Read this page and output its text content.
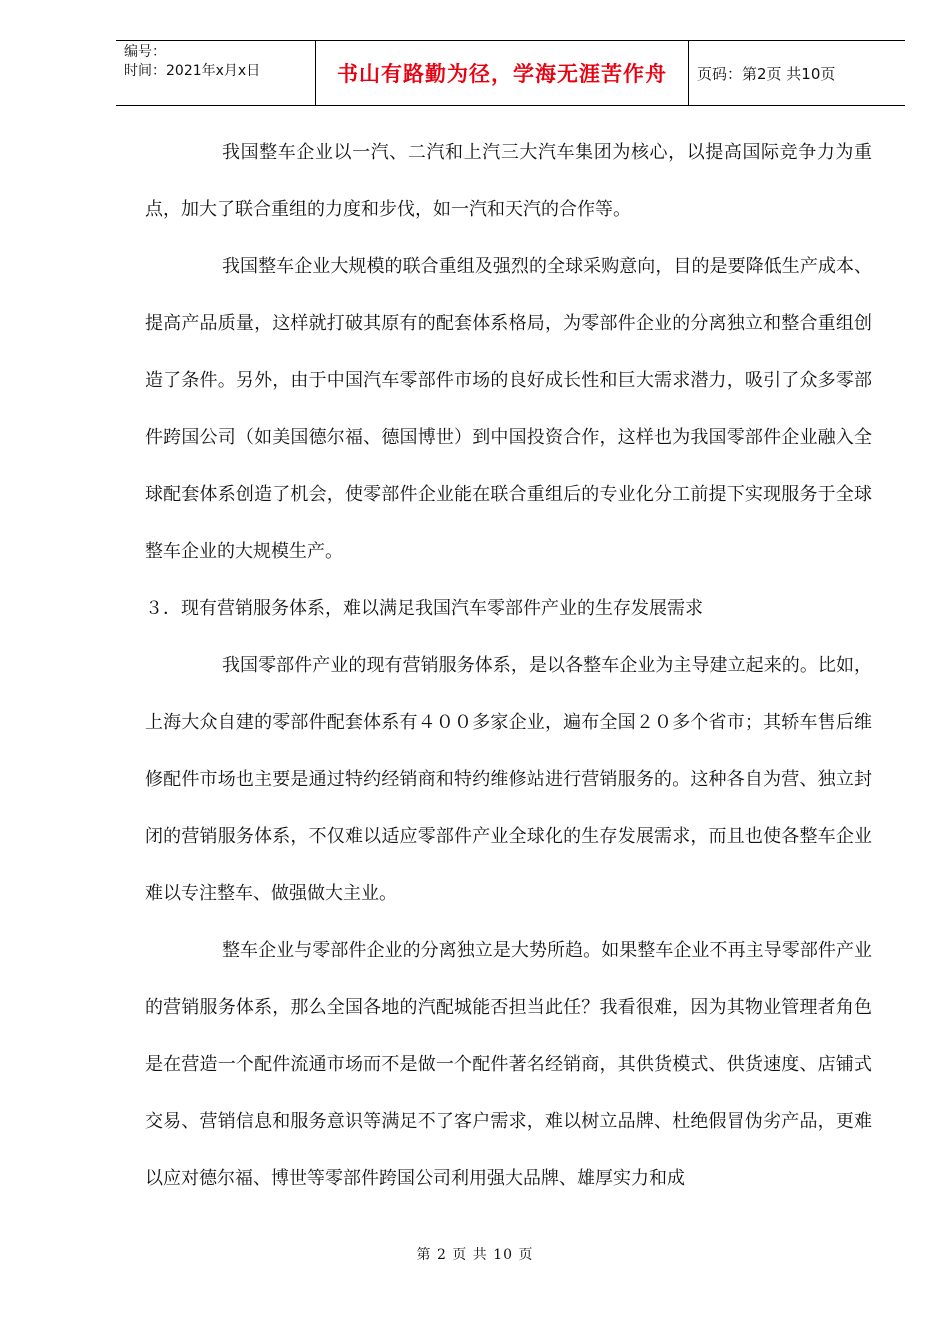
编号：
时间：2021年x月x日	书山有路勤为径，学海无涯苦作舟	页码：第2页 共10页

我国整车企业以一汽、二汽和上汽三大汽车集团为核心，以提高国际竞争力为重点，加大了联合重组的力度和步伐，如一汽和天汽的合作等。

我国整车企业大规模的联合重组及强烈的全球采购意向，目的是要降低生产成本、提高产品质量，这样就打破其原有的配套体系格局，为零部件企业的分离独立和整合重组创造了条件。另外，由于中国汽车零部件市场的良好成长性和巨大需求潜力，吸引了众多零部件跨国公司（如美国德尔福、德国博世）到中国投资合作，这样也为我国零部件企业融入全球配套体系创造了机会，使零部件企业能在联合重组后的专业化分工前提下实现服务于全球整车企业的大规模生产。

３．现有营销服务体系，难以满足我国汽车零部件产业的生存发展需求

我国零部件产业的现有营销服务体系，是以各整车企业为主导建立起来的。比如，上海大众自建的零部件配套体系有４００多家企业，遍布全国２０多个省市；其轿车售后维修配件市场也主要是通过特约经销商和特约维修站进行营销服务的。这种各自为营、独立封闭的营销服务体系，不仅难以适应零部件产业全球化的生存发展需求，而且也使各整车企业难以专注整车、做强做大主业。

整车企业与零部件企业的分离独立是大势所趋。如果整车企业不再主导零部件产业的营销服务体系，那么全国各地的汽配城能否担当此任？我看很难，因为其物业管理者角色是在营造一个配件流通市场而不是做一个配件著名经销商，其供货模式、供货速度、店铺式交易、营销信息和服务意识等满足不了客户需求，难以树立品牌、杜绝假冒伪劣产品，更难以应对德尔福、博世等零部件跨国公司利用强大品牌、雄厚实力和成

第 2 页 共 10 页
